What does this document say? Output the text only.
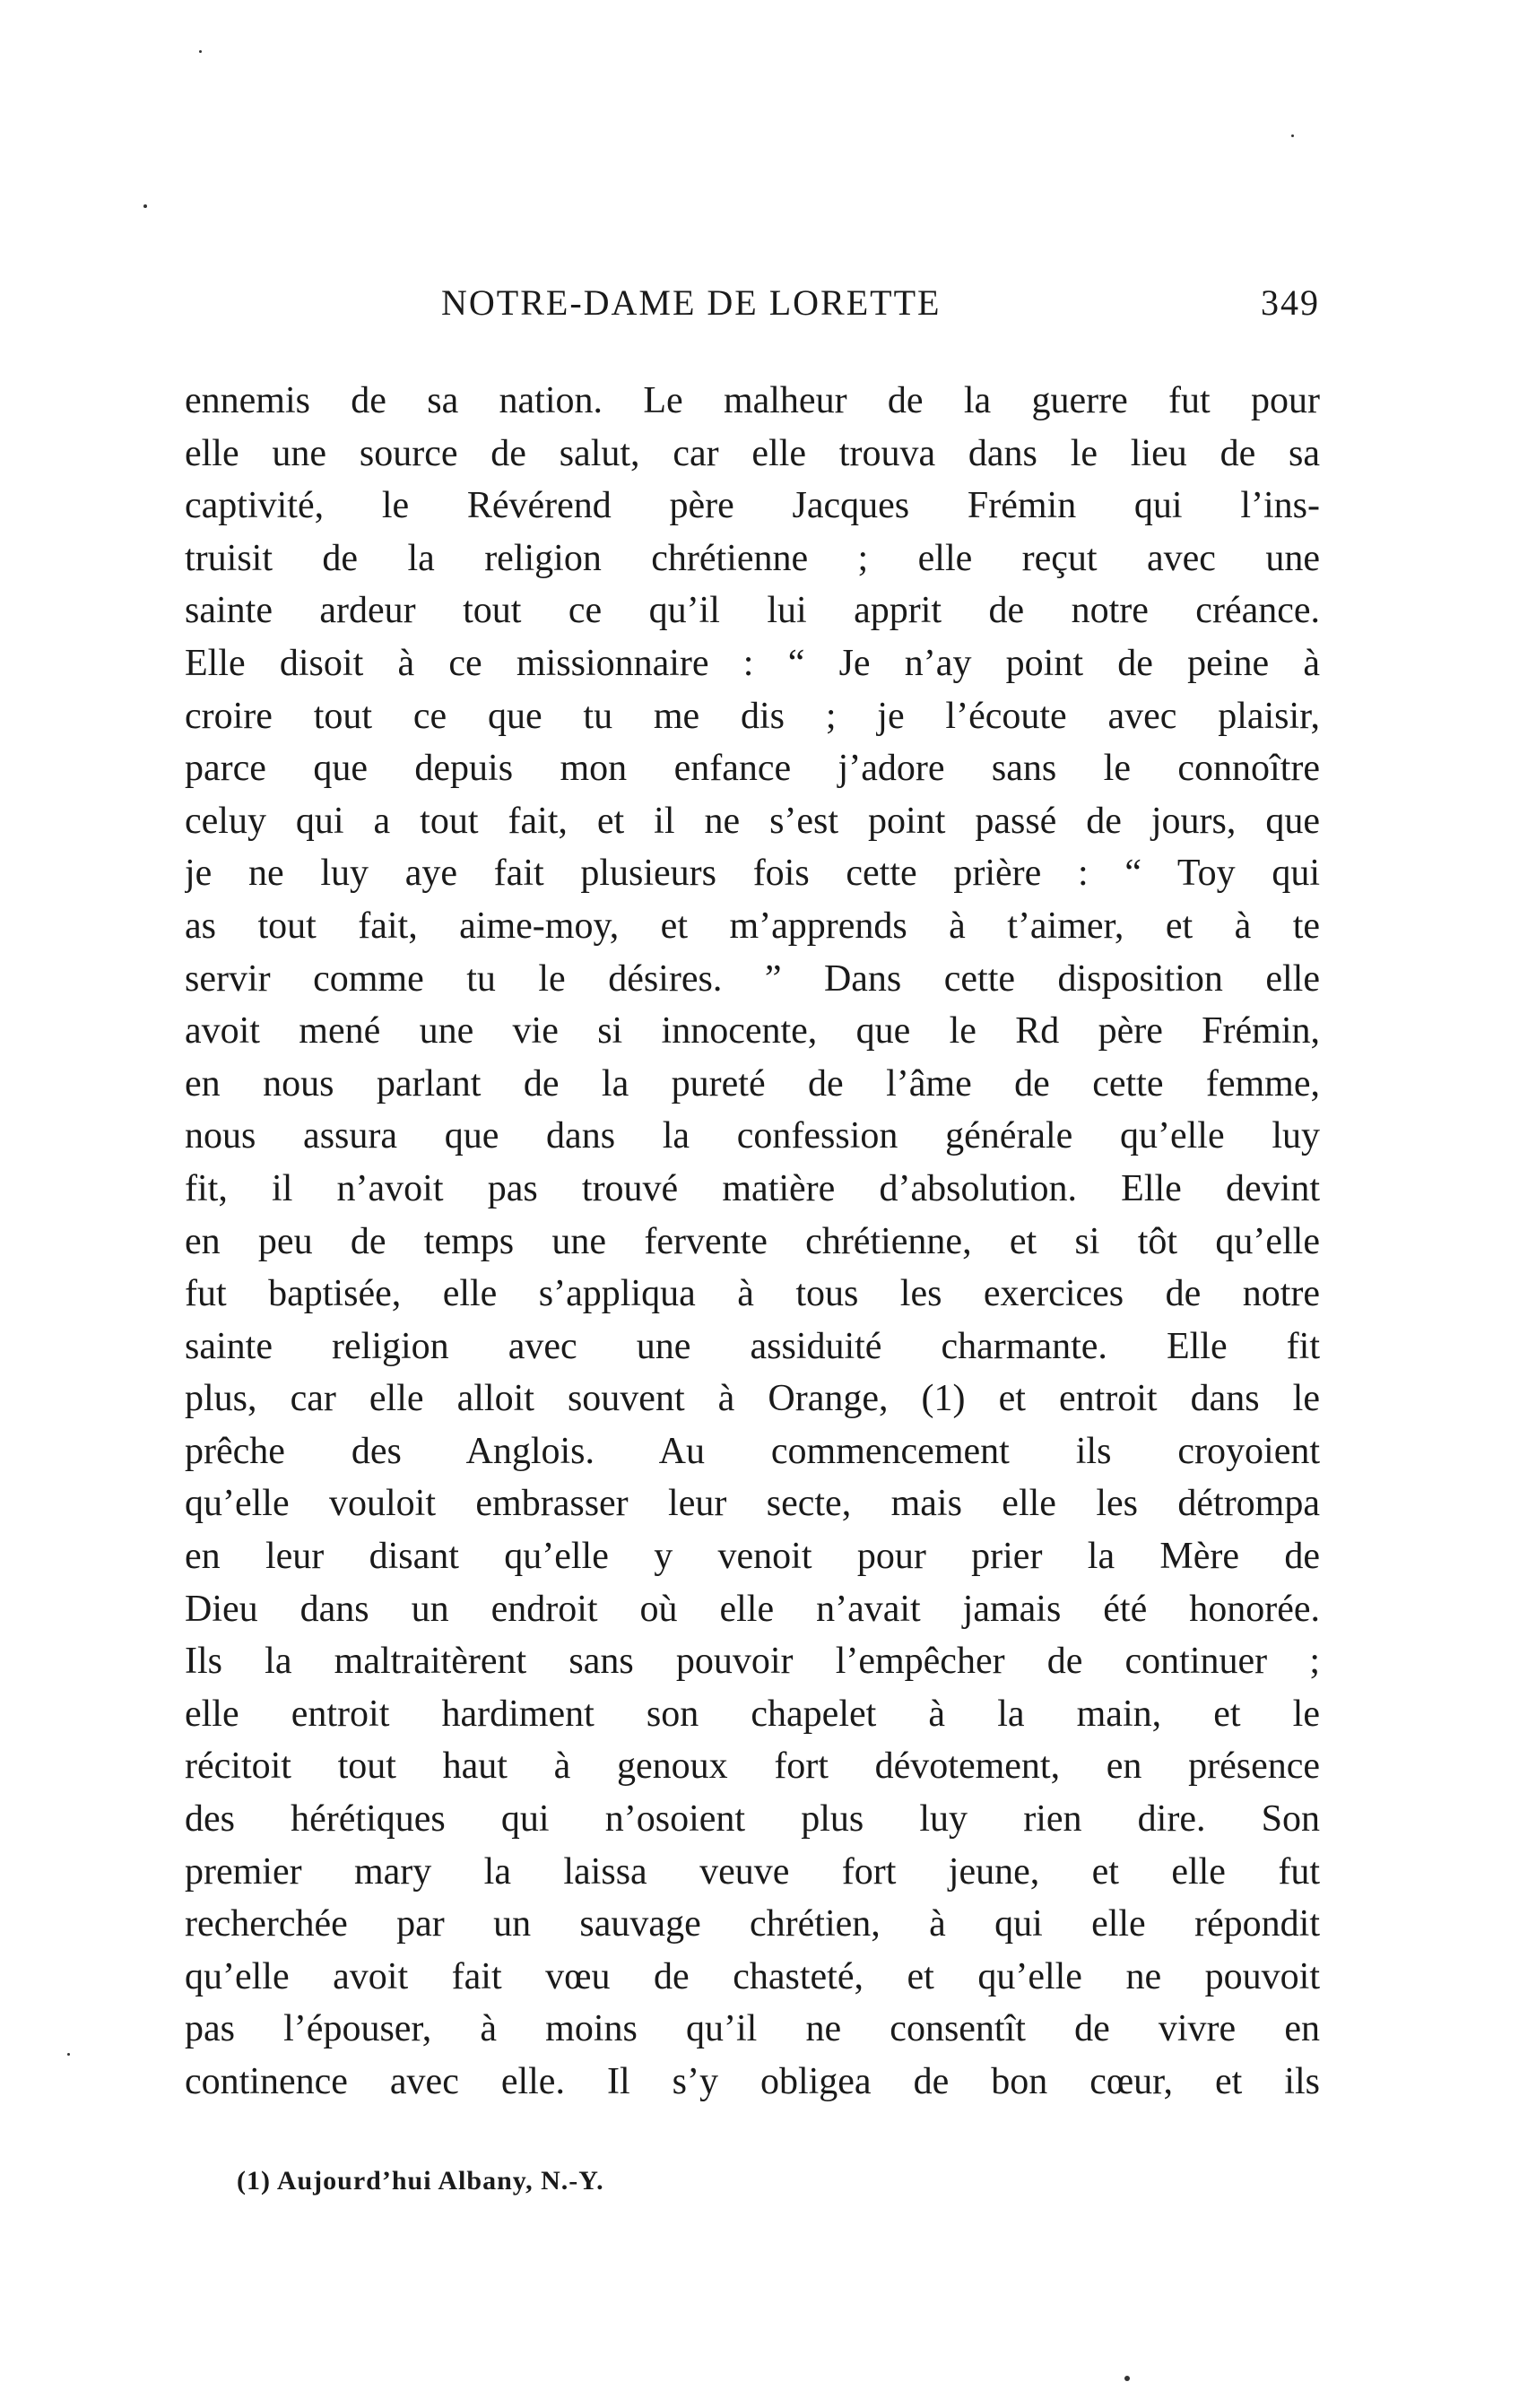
NOTRE-DAME DE LORETTE	349
ennemis de sa nation. Le malheur de la guerre fut pour
elle une source de salut, car elle trouva dans le lieu de sa
captivité, le Révérend père Jacques Frémin qui l’ins-
truisit de la religion chrétienne ; elle reçut avec une
sainte ardeur tout ce qu’il lui apprit de notre créance.
Elle disoit à ce missionnaire : “ Je n’ay point de peine à
croire tout ce que tu me dis ; je l’écoute avec plaisir,
parce que depuis mon enfance j’adore sans le connoître
celuy qui a tout fait, et il ne s’est point passé de jours, que
je ne luy aye fait plusieurs fois cette prière : “ Toy qui
as tout fait, aime-moy, et m’apprends à t’aimer, et à te
servir comme tu le désires. ” Dans cette disposition elle
avoit mené une vie si innocente, que le Rd père Frémin,
en nous parlant de la pureté de l’âme de cette femme,
nous assura que dans la confession générale qu’elle luy
fit, il n’avoit pas trouvé matière d’absolution. Elle devint
en peu de temps une fervente chrétienne, et si tôt qu’elle
fut baptisée, elle s’appliqua à tous les exercices de notre
sainte religion avec une assiduité charmante. Elle fit
plus, car elle alloit souvent à Orange, (1) et entroit dans le
prêche des Anglois. Au commencement ils croyoient
qu’elle vouloit embrasser leur secte, mais elle les détrompa
en leur disant qu’elle y venoit pour prier la Mère de
Dieu dans un endroit où elle n’avait jamais été honorée.
Ils la maltraitèrent sans pouvoir l’empêcher de continuer ;
elle entroit hardiment son chapelet à la main, et le
récitoit tout haut à genoux fort dévotement, en présence
des hérétiques qui n’osoient plus luy rien dire. Son
premier mary la laissa veuve fort jeune, et elle fut
recherchée par un sauvage chrétien, à qui elle répondit
qu’elle avoit fait vœu de chasteté, et qu’elle ne pouvoit
pas l’épouser, à moins qu’il ne consentît de vivre en
continence avec elle. Il s’y obligea de bon cœur, et ils
(1) Aujourd’hui Albany, N.-Y.
